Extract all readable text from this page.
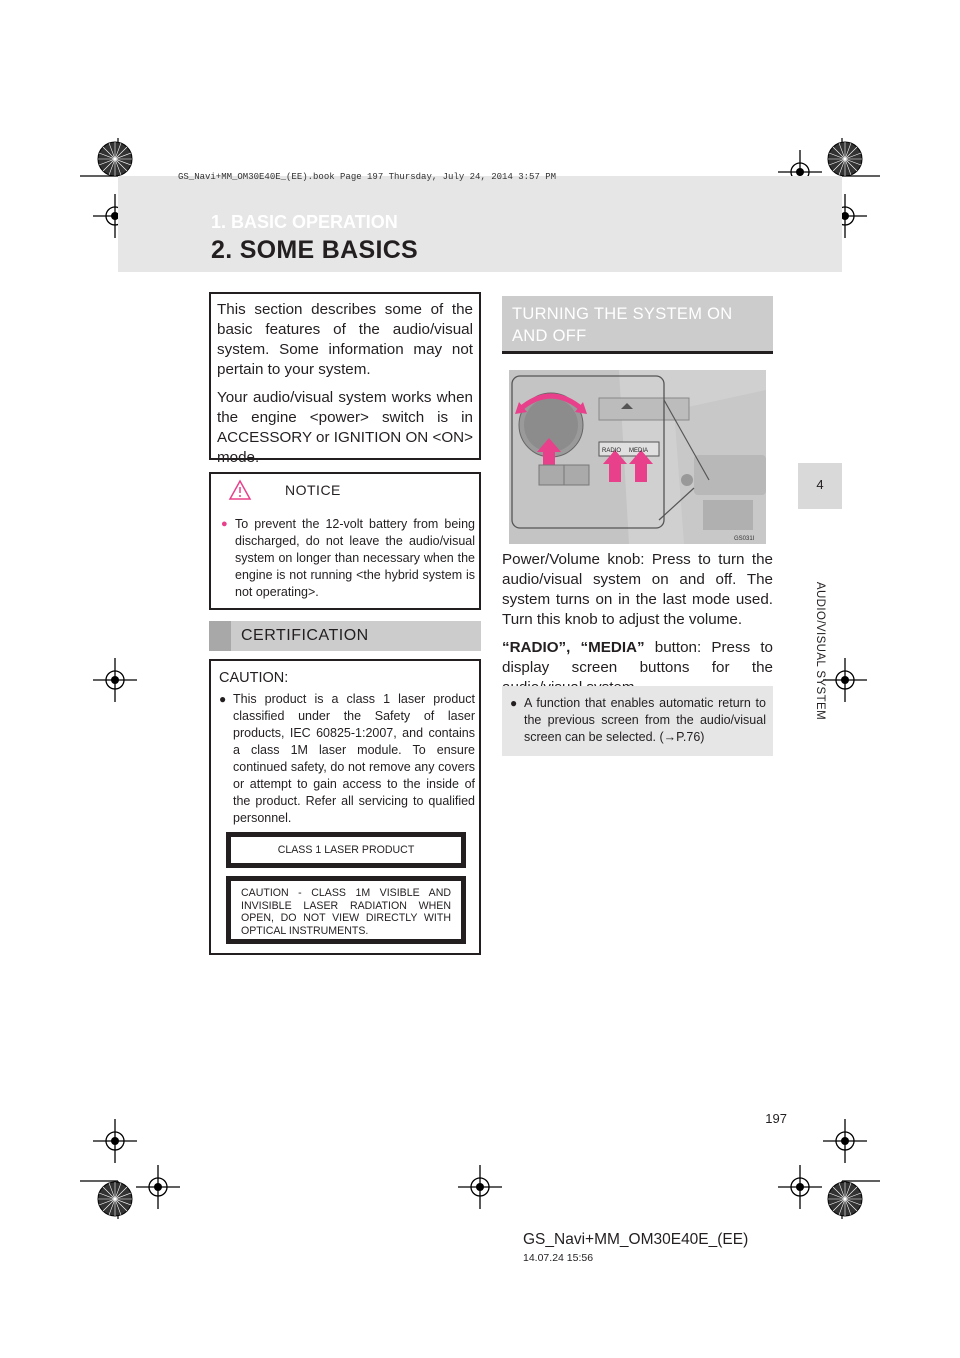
GS_Navi+MM_OM30E40E_(EE).book Page 197 Thursday, July 24, 2014 3:57 PM
1. BASIC OPERATION
2. SOME BASICS
4
AUDIO/VISUAL SYSTEM

This section describes some of the basic features of the audio/visual system. Some information may not pertain to your system.

Your audio/visual system works when the engine <power> switch is in ACCESSORY or IGNITION ON <ON> mode.

NOTICE
● To prevent the 12-volt battery from being discharged, do not leave the audio/visual system on longer than necessary when the engine is not running <the hybrid system is not operating>.
CERTIFICATION
CAUTION:
● This product is a class 1 laser product classified under the Safety of laser products, IEC 60825-1:2007, and contains a class 1M laser module. To ensure continued safety, do not remove any covers or attempt to gain access to the inside of the product. Refer all servicing to qualified personnel.
CLASS 1 LASER PRODUCT
CAUTION - CLASS 1M VISIBLE AND INVISIBLE LASER RADIATION WHEN OPEN, DO NOT VIEW DIRECTLY WITH OPTICAL INSTRUMENTS.
TURNING THE SYSTEM ON
AND OFF
GS031I
RADIO MEDIA

Power/Volume knob: Press to turn the audio/visual system on and off. The system turns on in the last mode used. Turn this knob to adjust the volume.

“RADIO”, “MEDIA” button: Press to display screen buttons for the

● A function that enables automatic return to the previous screen from the audio/visual screen can be selected. (→P.76)
197
GS_Navi+MM_OM30E40E_(EE)
14.07.24 15:56
